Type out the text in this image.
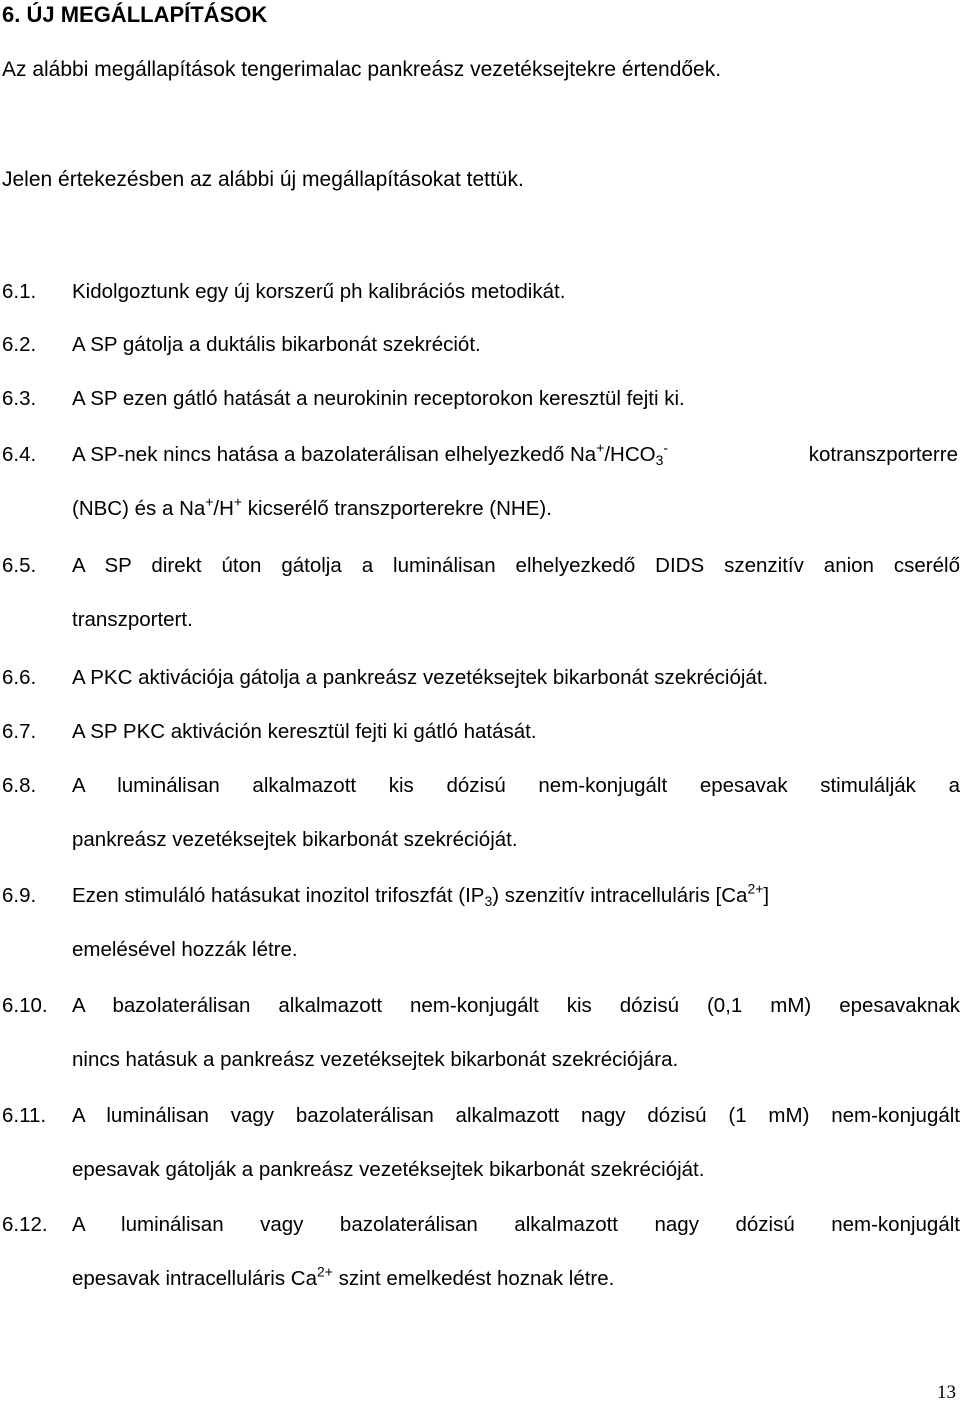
6. ÚJ MEGÁLLAPÍTÁSOK
Az alábbi megállapítások tengerimalac pankreász vezetéksejtekre értendőek.
Jelen értekezésben az alábbi új megállapításokat tettük.
6.1. Kidolgoztunk egy új korszerű ph kalibrációs metodikát.
6.2. A SP gátolja a duktális bikarbonát szekréciót.
6.3. A SP ezen gátló hatását a neurokinin receptorokon keresztül fejti ki.
6.4. A SP-nek nincs hatása a bazolaterálisan elhelyezkedő $Na^+/HCO_3^-$	kotranszporterre
(NBC) és a Na+/H+ kicserélő transzporterekre (NHE).
6.5. A SP direkt úton gátolja a luminálisan elhelyezkedő DIDS szenzitív anion cserélő
transzportert.
6.6. A PKC aktivációja gátolja a pankreász vezetéksejtek bikarbonát szekrécióját.
6.7. A SP PKC aktiváción keresztül fejti ki gátló hatását.
6.8. A luminálisan alkalmazott kis dózisú nem-konjugált epesavak stimulálják a
pankreász vezetéksejtek bikarbonát szekrécióját.
6.9. Ezen stimuláló hatásukat inozitol trifoszfát $(IP_3)$ szenzitív intracelluláris $[Ca^{2+}]$
emelésével hozzák létre.
6.10. A bazolaterálisan alkalmazott nem-konjugált kis dózisú (0,1 mM) epesavaknak
nincs hatásuk a pankreász vezetéksejtek bikarbonát szekréciójára.
6.11. A luminálisan vagy bazolaterálisan alkalmazott nagy dózisú (1 mM) nem-konjugált
epesavak gátolják a pankreász vezetéksejtek bikarbonát szekrécióját.
6.12. A luminálisan vagy bazolaterálisan alkalmazott nagy dózisú nem-konjugált
epesavak intracelluláris $Ca^{2+}$ szint emelkedést hoznak létre.
13
